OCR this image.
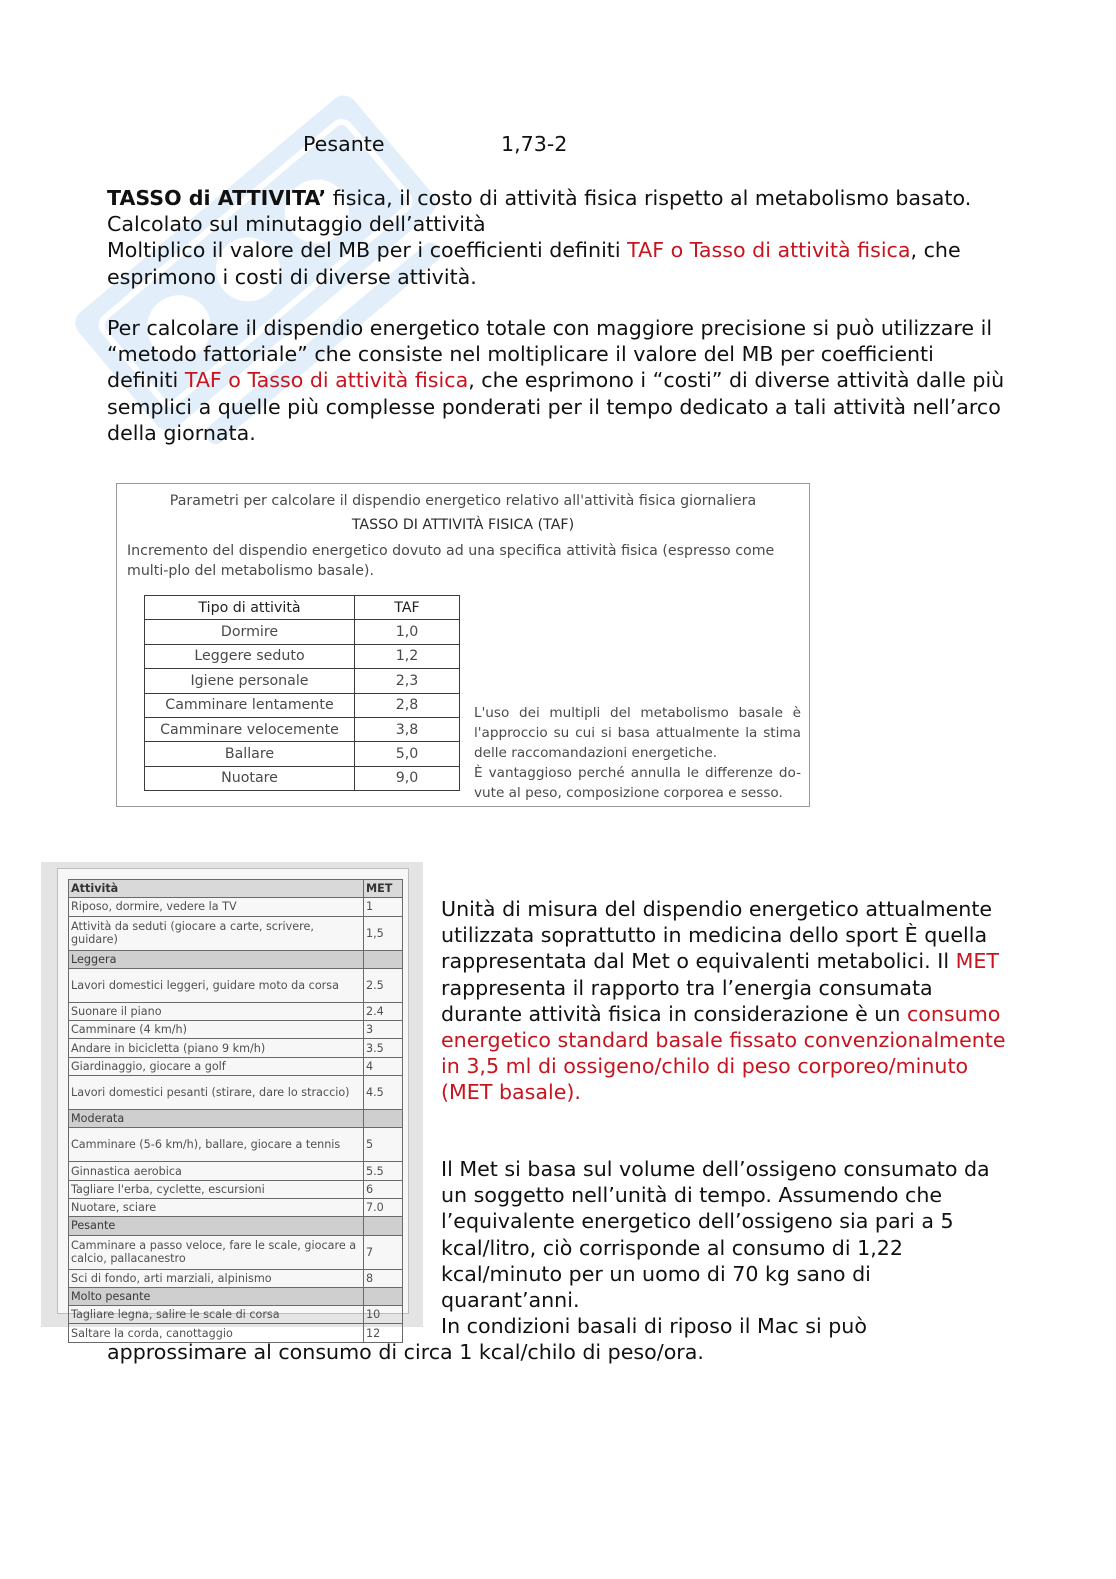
Pesante	1,73-2

TASSO di ATTIVITA’ fisica, il costo di attività fisica rispetto al metabolismo basato. Calcolato sul minutaggio dell’attività
Moltiplico il valore del MB per i coefficienti definiti TAF o Tasso di attività fisica, che esprimono i costi di diverse attività.

Per calcolare il dispendio energetico totale con maggiore precisione si può utilizzare il “metodo fattoriale” che consiste nel moltiplicare il valore del MB per coefficienti definiti TAF o Tasso di attività fisica, che esprimono i “costi” di diverse attività dalle più semplici a quelle più complesse ponderati per il tempo dedicato a tali attività nell’arco della giornata.

Parametri per calcolare il dispendio energetico relativo all'attività fisica giornaliera
TASSO DI ATTIVITÀ FISICA (TAF)
Incremento del dispendio energetico dovuto ad una specifica attività fisica (espresso come multi-plo del metabolismo basale).
Tipo di attività	TAF
Dormire	1,0
Leggere seduto	1,2
Igiene personale	2,3
Camminare lentamente	2,8
Camminare velocemente	3,8
Ballare	5,0
Nuotare	9,0
L'uso dei multipli del metabolismo basale è l'approccio su cui si basa attualmente la stima delle raccomandazioni energetiche.
È vantaggioso perché annulla le differenze do-vute al peso, composizione corporea e sesso.
Attività	MET
Riposo, dormire, vedere la TV	1
Attività da seduti (giocare a carte, scrivere, guidare)	1,5
Leggera	
Lavori domestici leggeri, guidare moto da corsa	2.5
Suonare il piano	2.4
Camminare (4 km/h)	3
Andare in bicicletta (piano 9 km/h)	3.5
Giardinaggio, giocare a golf	4
Lavori domestici pesanti (stirare, dare lo straccio)	4.5
Moderata	
Camminare (5-6 km/h), ballare, giocare a tennis	5
Ginnastica aerobica	5.5
Tagliare l'erba, cyclette, escursioni	6
Nuotare, sciare	7.0
Pesante	
Camminare a passo veloce, fare le scale, giocare a calcio, pallacanestro	7
Sci di fondo, arti marziali, alpinismo	8
Molto pesante	
Tagliare legna, salire le scale di corsa	10
Saltare la corda, canottaggio	12

Unità di misura del dispendio energetico attualmente utilizzata soprattutto in medicina dello sport È quella rappresentata dal Met o equivalenti metabolici. Il MET rappresenta il rapporto tra l’energia consumata durante attività fisica in considerazione è un consumo energetico standard basale fissato convenzionalmente in 3,5 ml di ossigeno/chilo di peso corporeo/minuto (MET basale).

Il Met si basa sul volume dell’ossigeno consumato da un soggetto nell’unità di tempo. Assumendo che l’equivalente energetico dell’ossigeno sia pari a 5 kcal/litro, ciò corrisponde al consumo di 1,22 kcal/minuto per un uomo di 70 kg sano di quarant’anni.
In condizioni basali di riposo il Mac si può

approssimare al consumo di circa 1 kcal/chilo di peso/ora.
